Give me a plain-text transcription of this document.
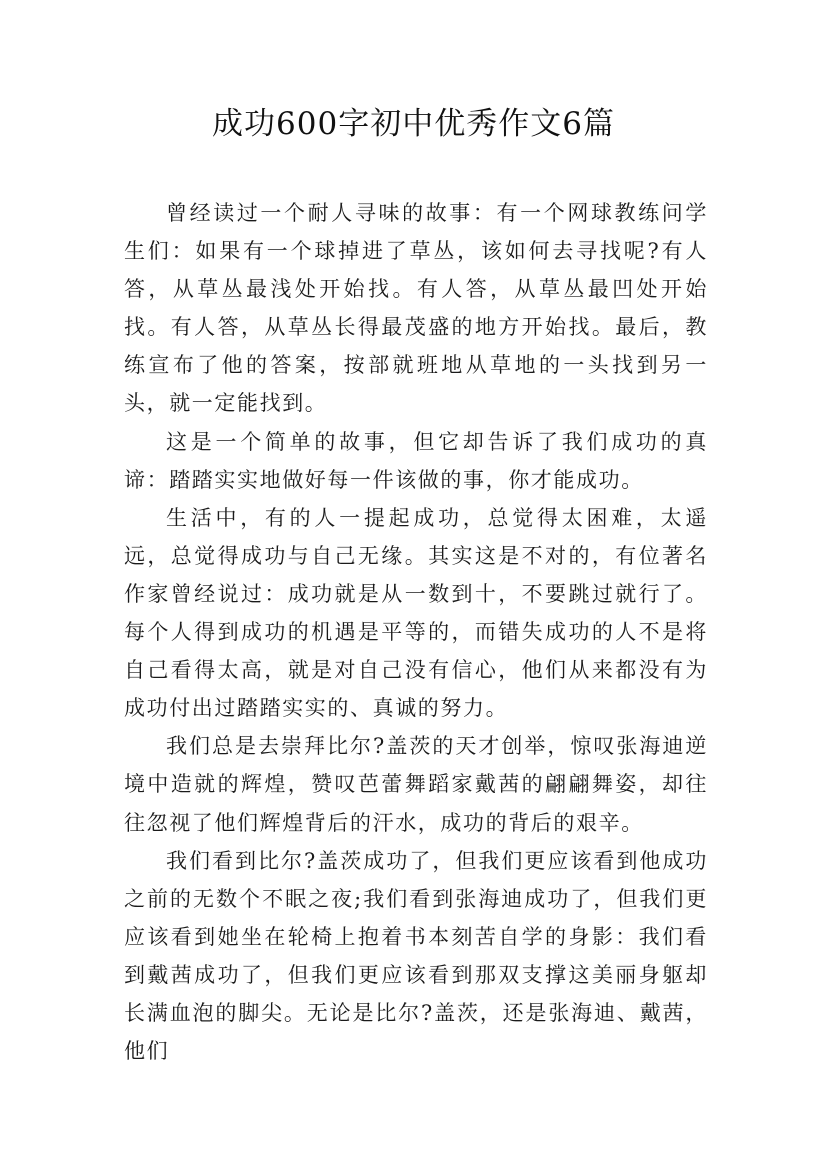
成功600字初中优秀作文6篇

曾经读过一个耐人寻味的故事：有一个网球教练问学生们：如果有一个球掉进了草丛，该如何去寻找呢?有人答，从草丛最浅处开始找。有人答，从草丛最凹处开始找。有人答，从草丛长得最茂盛的地方开始找。最后，教练宣布了他的答案，按部就班地从草地的一头找到另一头，就一定能找到。

这是一个简单的故事，但它却告诉了我们成功的真谛：踏踏实实地做好每一件该做的事，你才能成功。

生活中，有的人一提起成功，总觉得太困难，太遥远，总觉得成功与自己无缘。其实这是不对的，有位著名作家曾经说过：成功就是从一数到十，不要跳过就行了。每个人得到成功的机遇是平等的，而错失成功的人不是将自己看得太高，就是对自己没有信心，他们从来都没有为成功付出过踏踏实实的、真诚的努力。

我们总是去崇拜比尔?盖茨的天才创举，惊叹张海迪逆境中造就的辉煌，赞叹芭蕾舞蹈家戴茜的翩翩舞姿，却往往忽视了他们辉煌背后的汗水，成功的背后的艰辛。

我们看到比尔?盖茨成功了，但我们更应该看到他成功之前的无数个不眠之夜;我们看到张海迪成功了，但我们更应该看到她坐在轮椅上抱着书本刻苦自学的身影：我们看到戴茜成功了，但我们更应该看到那双支撑这美丽身躯却长满血泡的脚尖。无论是比尔?盖茨，还是张海迪、戴茜，他们
